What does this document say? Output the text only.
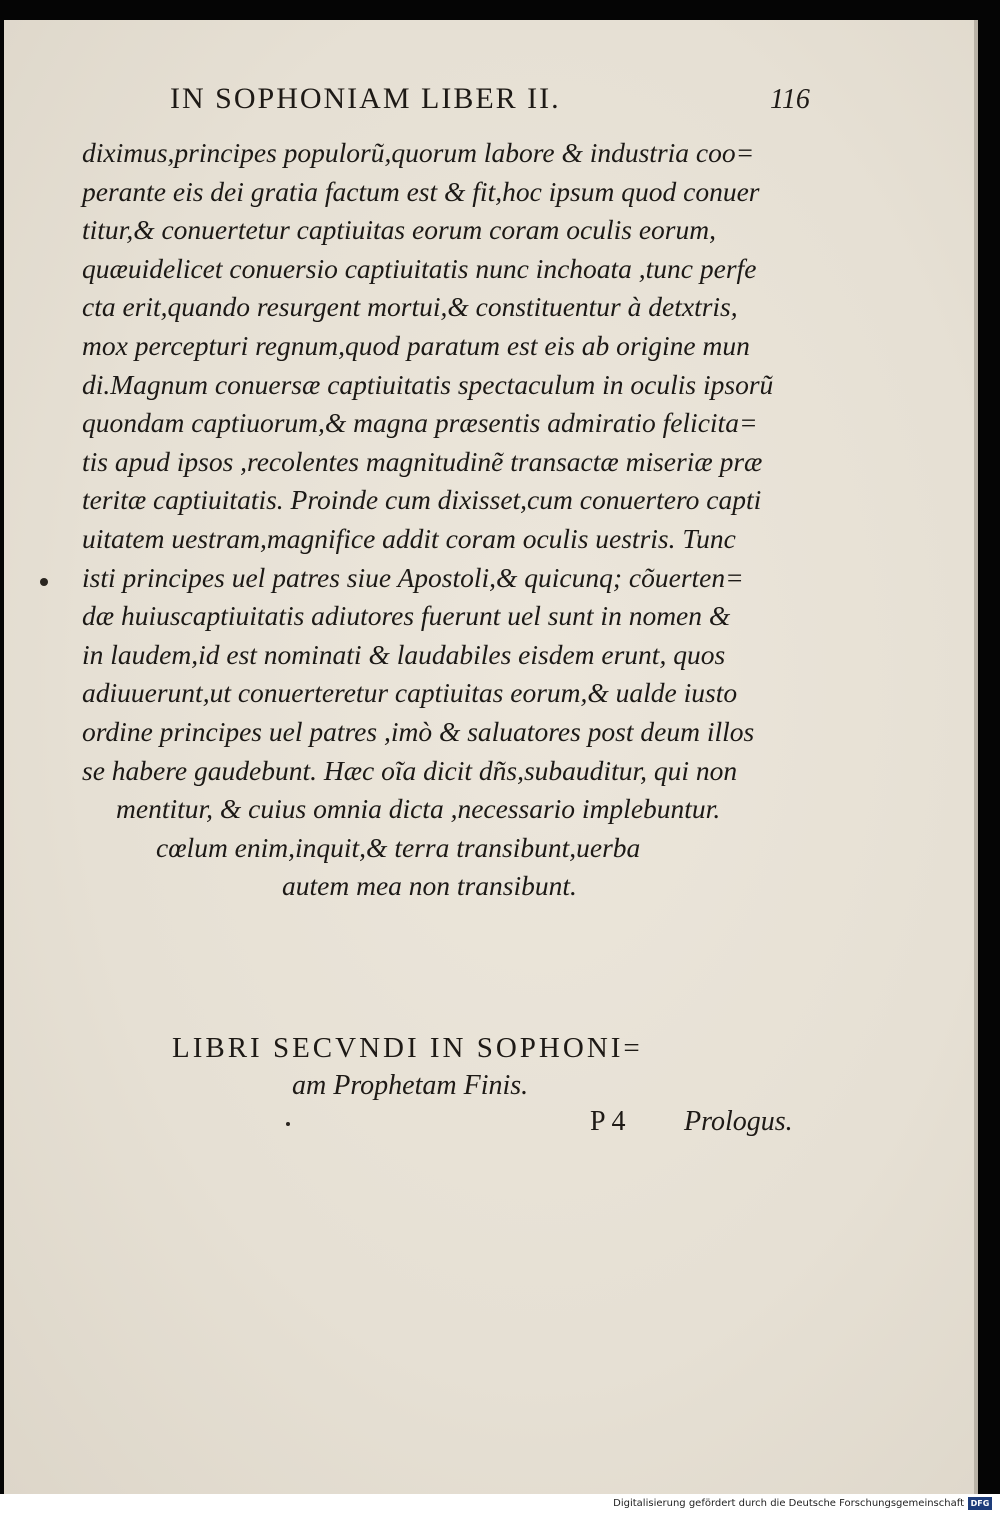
IN SOPHONIAM LIBER II.	116
diximus,principes populorũ,quorum labore & industria coo=
perante eis dei gratia factum est & fit,hoc ipsum quod conuer
titur,& conuertetur captiuitas eorum coram oculis eorum,
quæuidelicet conuersio captiuitatis nunc inchoata ,tunc perfe
cta erit,quando resurgent mortui,& constituentur à detxtris,
mox percepturi regnum,quod paratum est eis ab origine mun
di.Magnum conuersæ captiuitatis spectaculum in oculis ipsorũ
quondam captiuorum,& magna præsentis admiratio felicita=
tis apud ipsos ,recolentes magnitudinẽ transactæ miseriæ præ
teritæ captiuitatis. Proinde cum dixisset,cum conuertero capti
uitatem uestram,magnifice addit coram oculis uestris. Tunc
isti principes uel patres siue Apostoli,& quicunq; cõuerten=
dæ huiuscaptiuitatis adiutores fuerunt uel sunt in nomen &
in laudem,id est nominati & laudabiles eisdem erunt, quos
adiuuerunt,ut conuerteretur captiuitas eorum,& ualde iusto
ordine principes uel patres ,imò & saluatores post deum illos
se habere gaudebunt. Hæc oĩa dicit dñs,subauditur, qui non
mentitur, & cuius omnia dicta ,necessario implebuntur.
cœlum enim,inquit,& terra transibunt,uerba
autem mea non transibunt.
LIBRI SECVNDI IN SOPHONI=
am Prophetam Finis.
P 4 Prologus.
Digitalisierung gefördert durch die Deutsche Forschungsgemeinschaft DFG
